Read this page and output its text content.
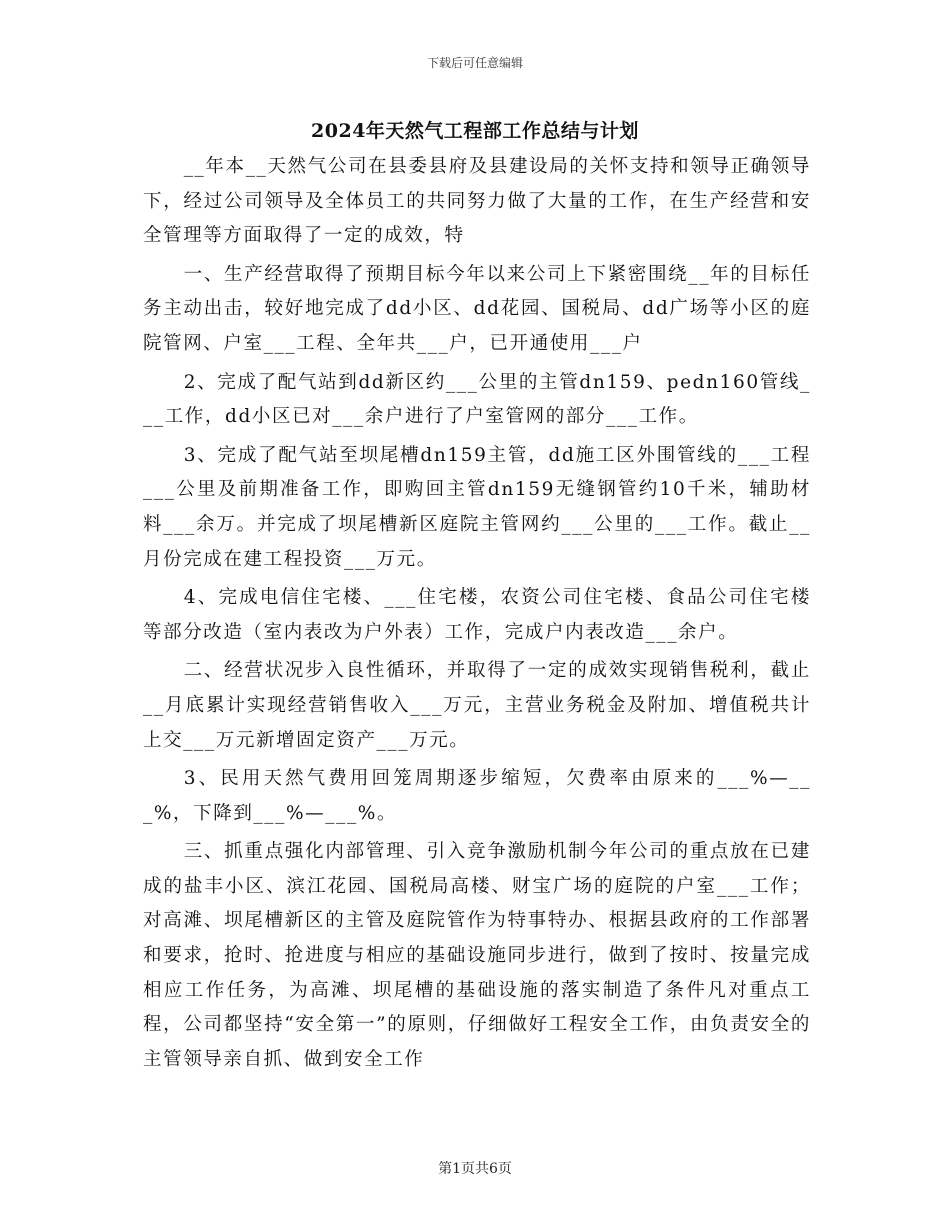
下载后可任意编辑
2024年天然气工程部工作总结与计划

__年本__天然气公司在县委县府及县建设局的关怀支持和领导正确领导下，经过公司领导及全体员工的共同努力做了大量的工作，在生产经营和安全管理等方面取得了一定的成效，特

一、生产经营取得了预期目标今年以来公司上下紧密围绕__年的目标任务主动出击，较好地完成了dd小区、dd花园、国税局、dd广场等小区的庭院管网、户室___工程、全年共___户，已开通使用___户

2、完成了配气站到dd新区约___公里的主管dn159、pedn160管线___工作，dd小区已对___余户进行了户室管网的部分___工作。

3、完成了配气站至坝尾槽dn159主管，dd施工区外围管线的___工程___公里及前期准备工作，即购回主管dn159无缝钢管约10千米，辅助材料___余万。并完成了坝尾槽新区庭院主管网约___公里的___工作。截止__月份完成在建工程投资___万元。

4、完成电信住宅楼、___住宅楼，农资公司住宅楼、食品公司住宅楼等部分改造（室内表改为户外表）工作，完成户内表改造___余户。

二、经营状况步入良性循环，并取得了一定的成效实现销售税利，截止__月底累计实现经营销售收入___万元，主营业务税金及附加、增值税共计上交___万元新增固定资产___万元。

3、民用天然气费用回笼周期逐步缩短，欠费率由原来的___%—___%，下降到___%—___%。

三、抓重点强化内部管理、引入竞争激励机制今年公司的重点放在已建成的盐丰小区、滨江花园、国税局高楼、财宝广场的庭院的户室___工作；对高滩、坝尾槽新区的主管及庭院管作为特事特办、根据县政府的工作部署和要求，抢时、抢进度与相应的基础设施同步进行，做到了按时、按量完成相应工作任务，为高滩、坝尾槽的基础设施的落实制造了条件凡对重点工程，公司都坚持“安全第一”的原则，仔细做好工程安全工作，由负责安全的主管领导亲自抓、做到安全工作

第1页共6页
